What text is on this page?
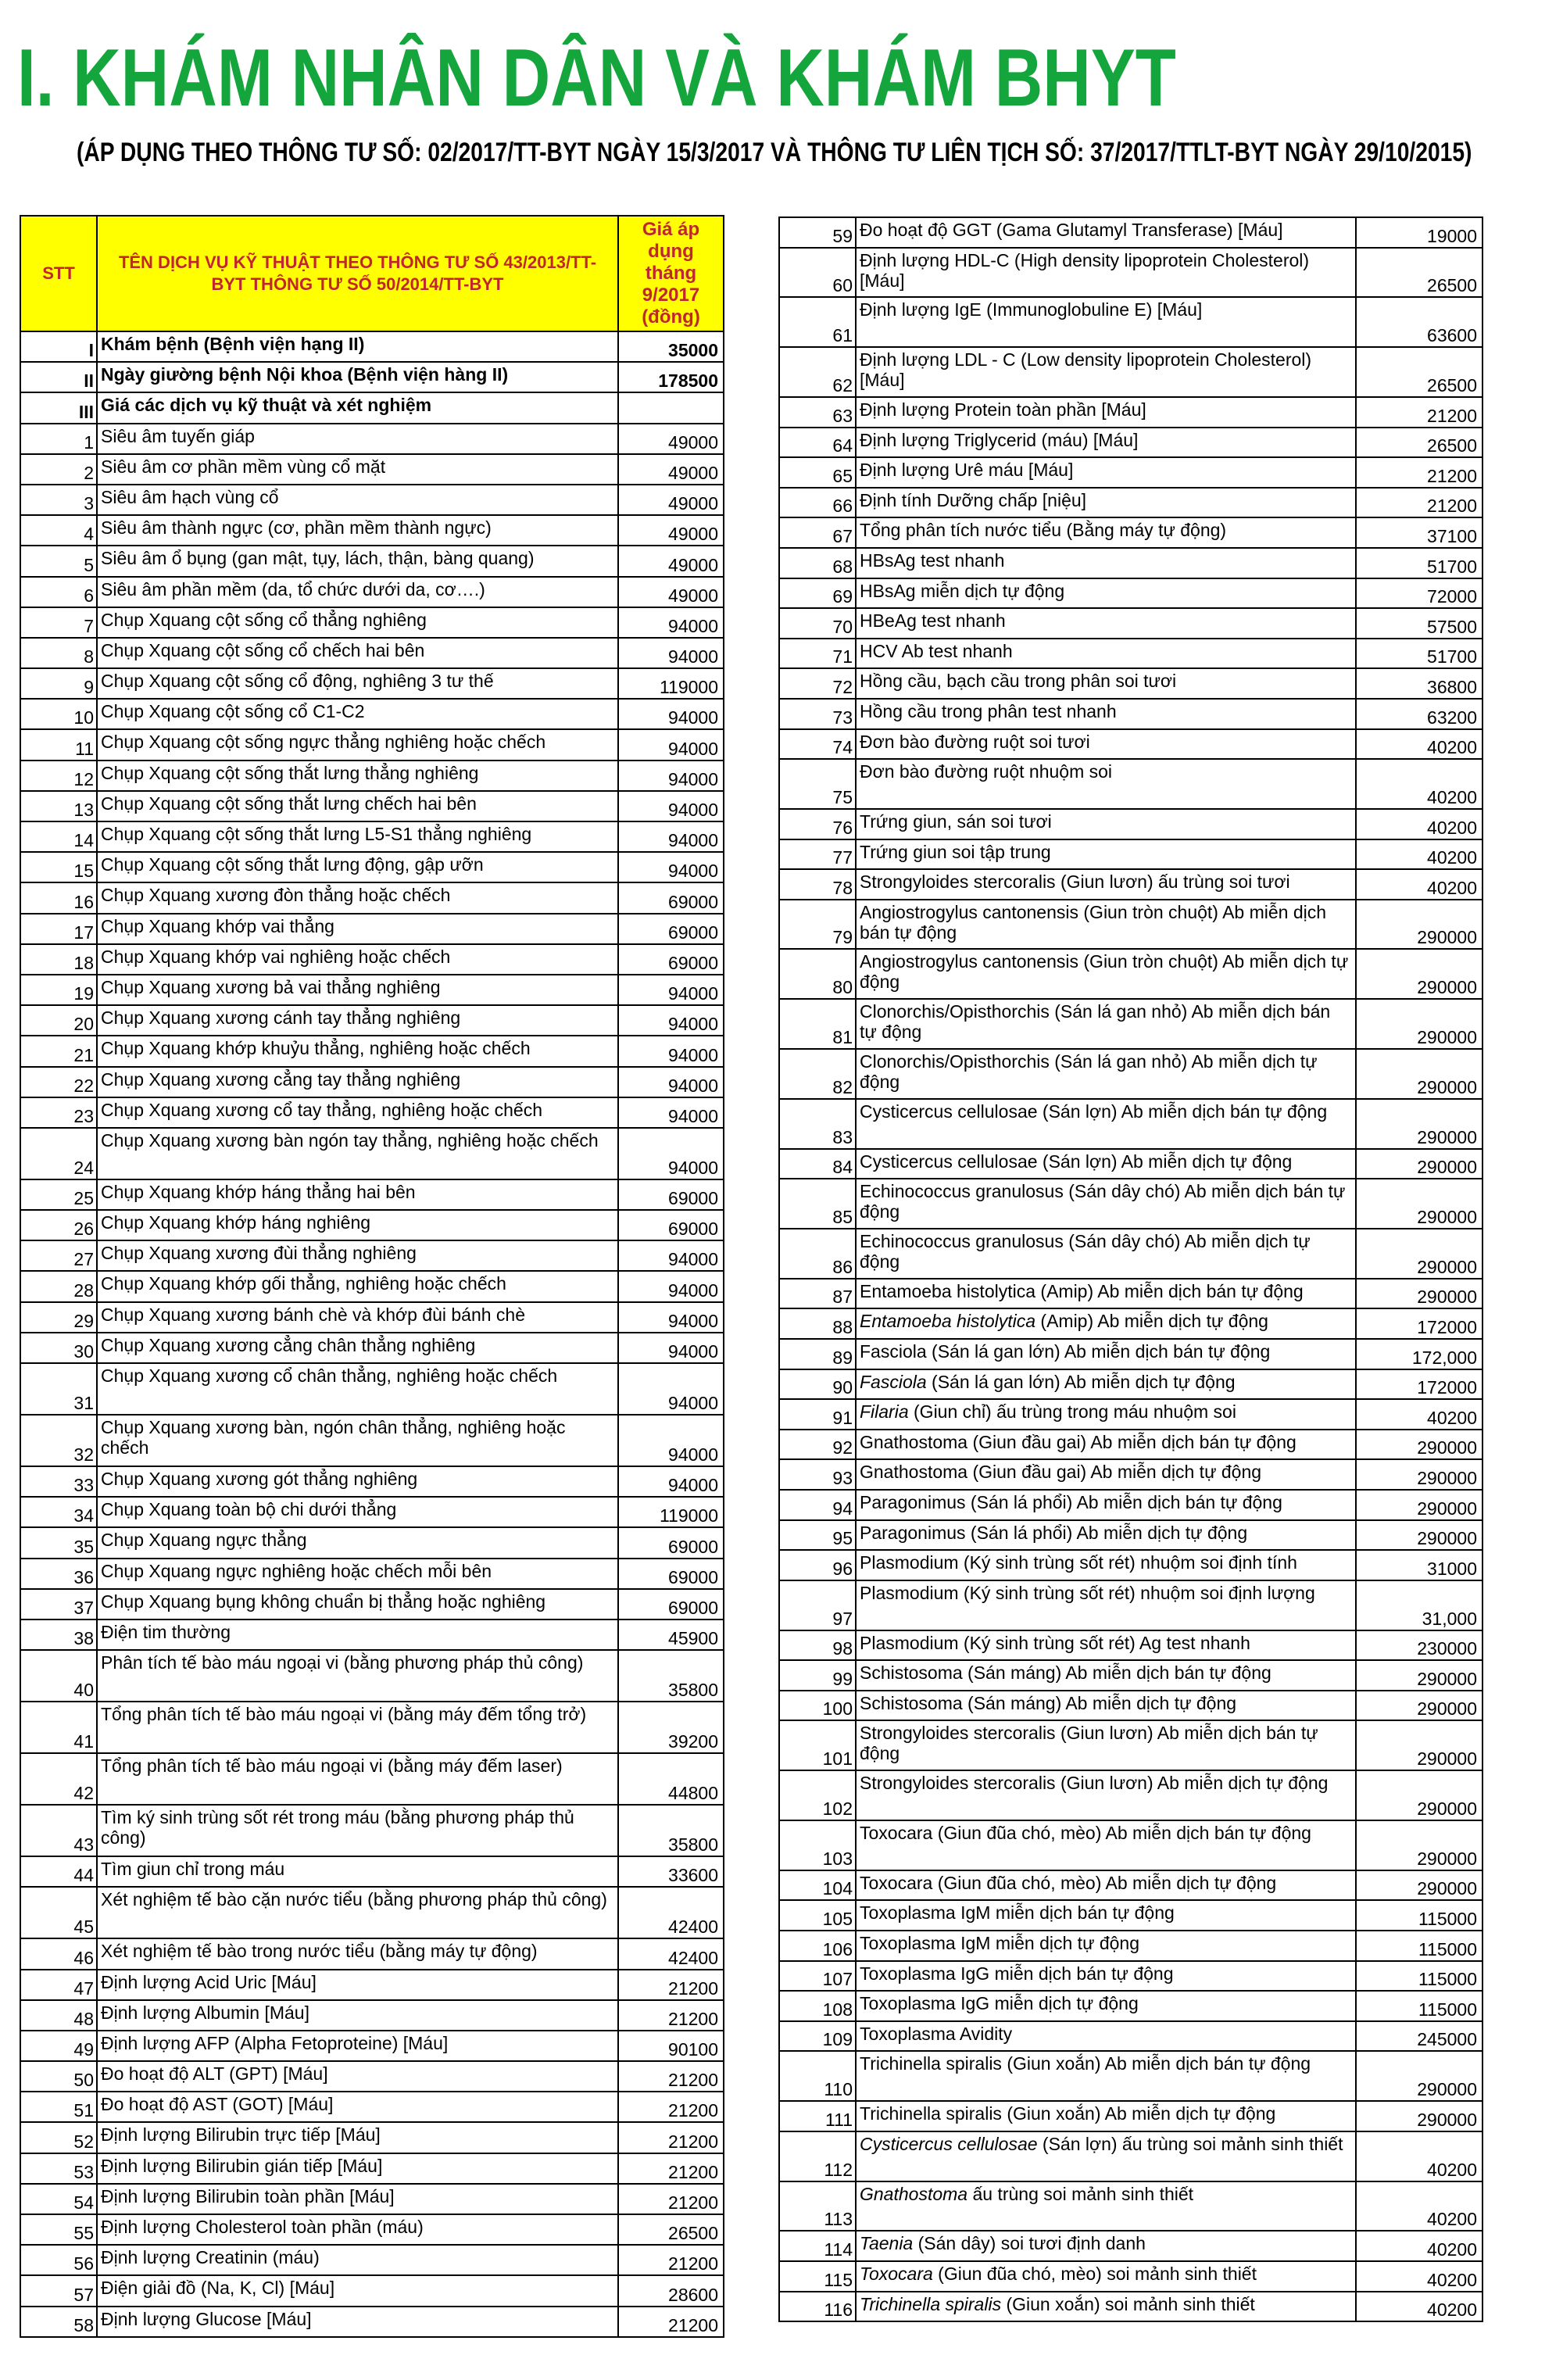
I. KHÁM NHÂN DÂN VÀ KHÁM BHYT
(ÁP DỤNG THEO THÔNG TƯ SỐ: 02/2017/TT-BYT NGÀY 15/3/2017 VÀ THÔNG TƯ LIÊN TỊCH SỐ: 37/2017/TTLT-BYT NGÀY 29/10/2015)
STT	TÊN DỊCH VỤ KỸ THUẬT THEO THÔNG TƯ SỐ 43/2013/TT-BYT THÔNG TƯ SỐ 50/2014/TT-BYT	Giá áp dụng tháng 9/2017 (đồng)
I	Khám bệnh (Bệnh viện hạng II)	35000
II	Ngày giường bệnh Nội khoa (Bệnh viện hàng II)	178500
III	Giá các dịch vụ kỹ thuật và xét nghiệm	
1	Siêu âm tuyến giáp	49000
2	Siêu âm cơ phần mềm vùng cổ mặt	49000
3	Siêu âm hạch vùng cổ	49000
4	Siêu âm thành ngực (cơ, phần mềm thành ngực)	49000
5	Siêu âm ổ bụng (gan mật, tụy, lách, thận, bàng quang)	49000
6	Siêu âm phần mềm (da, tổ chức dưới da, cơ….)	49000
7	Chụp Xquang cột sống cổ thẳng nghiêng	94000
8	Chụp Xquang cột sống cổ chếch hai bên	94000
9	Chụp Xquang cột sống cổ động, nghiêng 3 tư thế	119000
10	Chụp Xquang cột sống cổ C1-C2	94000
11	Chụp Xquang cột sống ngực thẳng nghiêng hoặc chếch	94000
12	Chụp Xquang cột sống thắt lưng thẳng nghiêng	94000
13	Chụp Xquang cột sống thắt lưng chếch hai bên	94000
14	Chụp Xquang cột sống thắt lưng L5-S1 thẳng nghiêng	94000
15	Chụp Xquang cột sống thắt lưng động, gập ưỡn	94000
16	Chụp Xquang xương đòn thẳng hoặc chếch	69000
17	Chụp Xquang khớp vai thẳng	69000
18	Chụp Xquang khớp vai nghiêng hoặc chếch	69000
19	Chụp Xquang xương bả vai thẳng nghiêng	94000
20	Chụp Xquang xương cánh tay thẳng nghiêng	94000
21	Chụp Xquang khớp khuỷu thẳng, nghiêng hoặc chếch	94000
22	Chụp Xquang xương cẳng tay thẳng nghiêng	94000
23	Chụp Xquang xương cổ tay thẳng, nghiêng hoặc chếch	94000
24	Chụp Xquang xương bàn ngón tay thẳng, nghiêng hoặc chếch	94000
25	Chụp Xquang khớp háng thẳng hai bên	69000
26	Chụp Xquang khớp háng nghiêng	69000
27	Chụp Xquang xương đùi thẳng nghiêng	94000
28	Chụp Xquang khớp gối thẳng, nghiêng hoặc chếch	94000
29	Chụp Xquang xương bánh chè và khớp đùi bánh chè	94000
30	Chụp Xquang xương cẳng chân thẳng nghiêng	94000
31	Chụp Xquang xương cổ chân thẳng, nghiêng hoặc chếch	94000
32	Chụp Xquang xương bàn, ngón chân thẳng, nghiêng hoặc chếch	94000
33	Chụp Xquang xương gót thẳng nghiêng	94000
34	Chụp Xquang toàn bộ chi dưới thẳng	119000
35	Chụp Xquang ngực thẳng	69000
36	Chụp Xquang ngực nghiêng hoặc chếch mỗi bên	69000
37	Chụp Xquang bụng không chuẩn bị thẳng hoặc nghiêng	69000
38	Điện tim thường	45900
40	Phân tích tế bào máu ngoại vi (bằng phương pháp thủ công)	35800
41	Tổng phân tích tế bào máu ngoại vi (bằng máy đếm tổng trở)	39200
42	Tổng phân tích tế bào máu ngoại vi (bằng máy đếm laser)	44800
43	Tìm ký sinh trùng sốt rét trong máu (bằng phương pháp thủ công)	35800
44	Tìm giun chỉ trong máu	33600
45	Xét nghiệm tế bào cặn nước tiểu (bằng phương pháp thủ công)	42400
46	Xét nghiệm tế bào trong nước tiểu (bằng máy tự động)	42400
47	Định lượng Acid Uric [Máu]	21200
48	Định lượng Albumin [Máu]	21200
49	Định lượng AFP (Alpha Fetoproteine) [Máu]	90100
50	Đo hoạt độ ALT (GPT) [Máu]	21200
51	Đo hoạt độ AST (GOT) [Máu]	21200
52	Định lượng Bilirubin trực tiếp [Máu]	21200
53	Định lượng Bilirubin gián tiếp [Máu]	21200
54	Định lượng Bilirubin toàn phần [Máu]	21200
55	Định lượng Cholesterol toàn phần (máu)	26500
56	Định lượng Creatinin (máu)	21200
57	Điện giải đồ (Na, K, Cl) [Máu]	28600
58	Định lượng Glucose [Máu]	21200
59	Đo hoạt độ GGT (Gama Glutamyl Transferase) [Máu]	19000
60	Định lượng HDL-C (High density lipoprotein Cholesterol) [Máu]	26500
61	Định lượng IgE (Immunoglobuline E) [Máu]	63600
62	Định lượng LDL - C (Low density lipoprotein Cholesterol) [Máu]	26500
63	Định lượng Protein toàn phần [Máu]	21200
64	Định lượng Triglycerid (máu) [Máu]	26500
65	Định lượng Urê máu [Máu]	21200
66	Định tính Dưỡng chấp [niệu]	21200
67	Tổng phân tích nước tiểu (Bằng máy tự động)	37100
68	HBsAg test nhanh	51700
69	HBsAg miễn dịch tự động	72000
70	HBeAg test nhanh	57500
71	HCV Ab test nhanh	51700
72	Hồng cầu, bạch cầu trong phân soi tươi	36800
73	Hồng cầu trong phân test nhanh	63200
74	Đơn bào đường ruột soi tươi	40200
75	Đơn bào đường ruột nhuộm soi	40200
76	Trứng giun, sán soi tươi	40200
77	Trứng giun soi tập trung	40200
78	Strongyloides stercoralis (Giun lươn) ấu trùng soi tươi	40200
79	Angiostrogylus cantonensis (Giun tròn chuột) Ab miễn dịch bán tự động	290000
80	Angiostrogylus cantonensis (Giun tròn chuột) Ab miễn dịch tự động	290000
81	Clonorchis/Opisthorchis (Sán lá gan nhỏ) Ab miễn dịch bán tự động	290000
82	Clonorchis/Opisthorchis (Sán lá gan nhỏ) Ab miễn dịch tự động	290000
83	Cysticercus cellulosae (Sán lợn) Ab miễn dịch bán tự động	290000
84	Cysticercus cellulosae (Sán lợn) Ab miễn dịch tự động	290000
85	Echinococcus granulosus (Sán dây chó) Ab miễn dịch bán tự động	290000
86	Echinococcus granulosus (Sán dây chó) Ab miễn dịch tự động	290000
87	Entamoeba histolytica (Amip) Ab miễn dịch bán tự động	290000
88	Entamoeba histolytica (Amip) Ab miễn dịch tự động	172000
89	Fasciola (Sán lá gan lớn) Ab miễn dịch bán tự động	172,000
90	Fasciola (Sán lá gan lớn) Ab miễn dịch tự động	172000
91	Filaria (Giun chỉ) ấu trùng trong máu nhuộm soi	40200
92	Gnathostoma (Giun đầu gai) Ab miễn dịch bán tự động	290000
93	Gnathostoma (Giun đầu gai) Ab miễn dịch tự động	290000
94	Paragonimus (Sán lá phổi) Ab miễn dịch bán tự động	290000
95	Paragonimus (Sán lá phổi) Ab miễn dịch tự động	290000
96	Plasmodium (Ký sinh trùng sốt rét) nhuộm soi định tính	31000
97	Plasmodium (Ký sinh trùng sốt rét) nhuộm soi định lượng	31,000
98	Plasmodium (Ký sinh trùng sốt rét) Ag test nhanh	230000
99	Schistosoma (Sán máng) Ab miễn dịch bán tự động	290000
100	Schistosoma (Sán máng) Ab miễn dịch tự động	290000
101	Strongyloides stercoralis (Giun lươn) Ab miễn dịch bán tự động	290000
102	Strongyloides stercoralis (Giun lươn) Ab miễn dịch tự động	290000
103	Toxocara (Giun đũa chó, mèo) Ab miễn dịch bán tự động	290000
104	Toxocara (Giun đũa chó, mèo) Ab miễn dịch tự động	290000
105	Toxoplasma IgM miễn dịch bán tự động	115000
106	Toxoplasma IgM miễn dịch tự động	115000
107	Toxoplasma IgG miễn dịch bán tự động	115000
108	Toxoplasma IgG miễn dịch tự động	115000
109	Toxoplasma Avidity	245000
110	Trichinella spiralis (Giun xoắn) Ab miễn dịch bán tự động	290000
111	Trichinella spiralis (Giun xoắn) Ab miễn dịch tự động	290000
112	Cysticercus cellulosae (Sán lợn) ấu trùng soi mảnh sinh thiết	40200
113	Gnathostoma ấu trùng soi mảnh sinh thiết	40200
114	Taenia (Sán dây) soi tươi định danh	40200
115	Toxocara (Giun đũa chó, mèo) soi mảnh sinh thiết	40200
116	Trichinella spiralis (Giun xoắn) soi mảnh sinh thiết	40200
